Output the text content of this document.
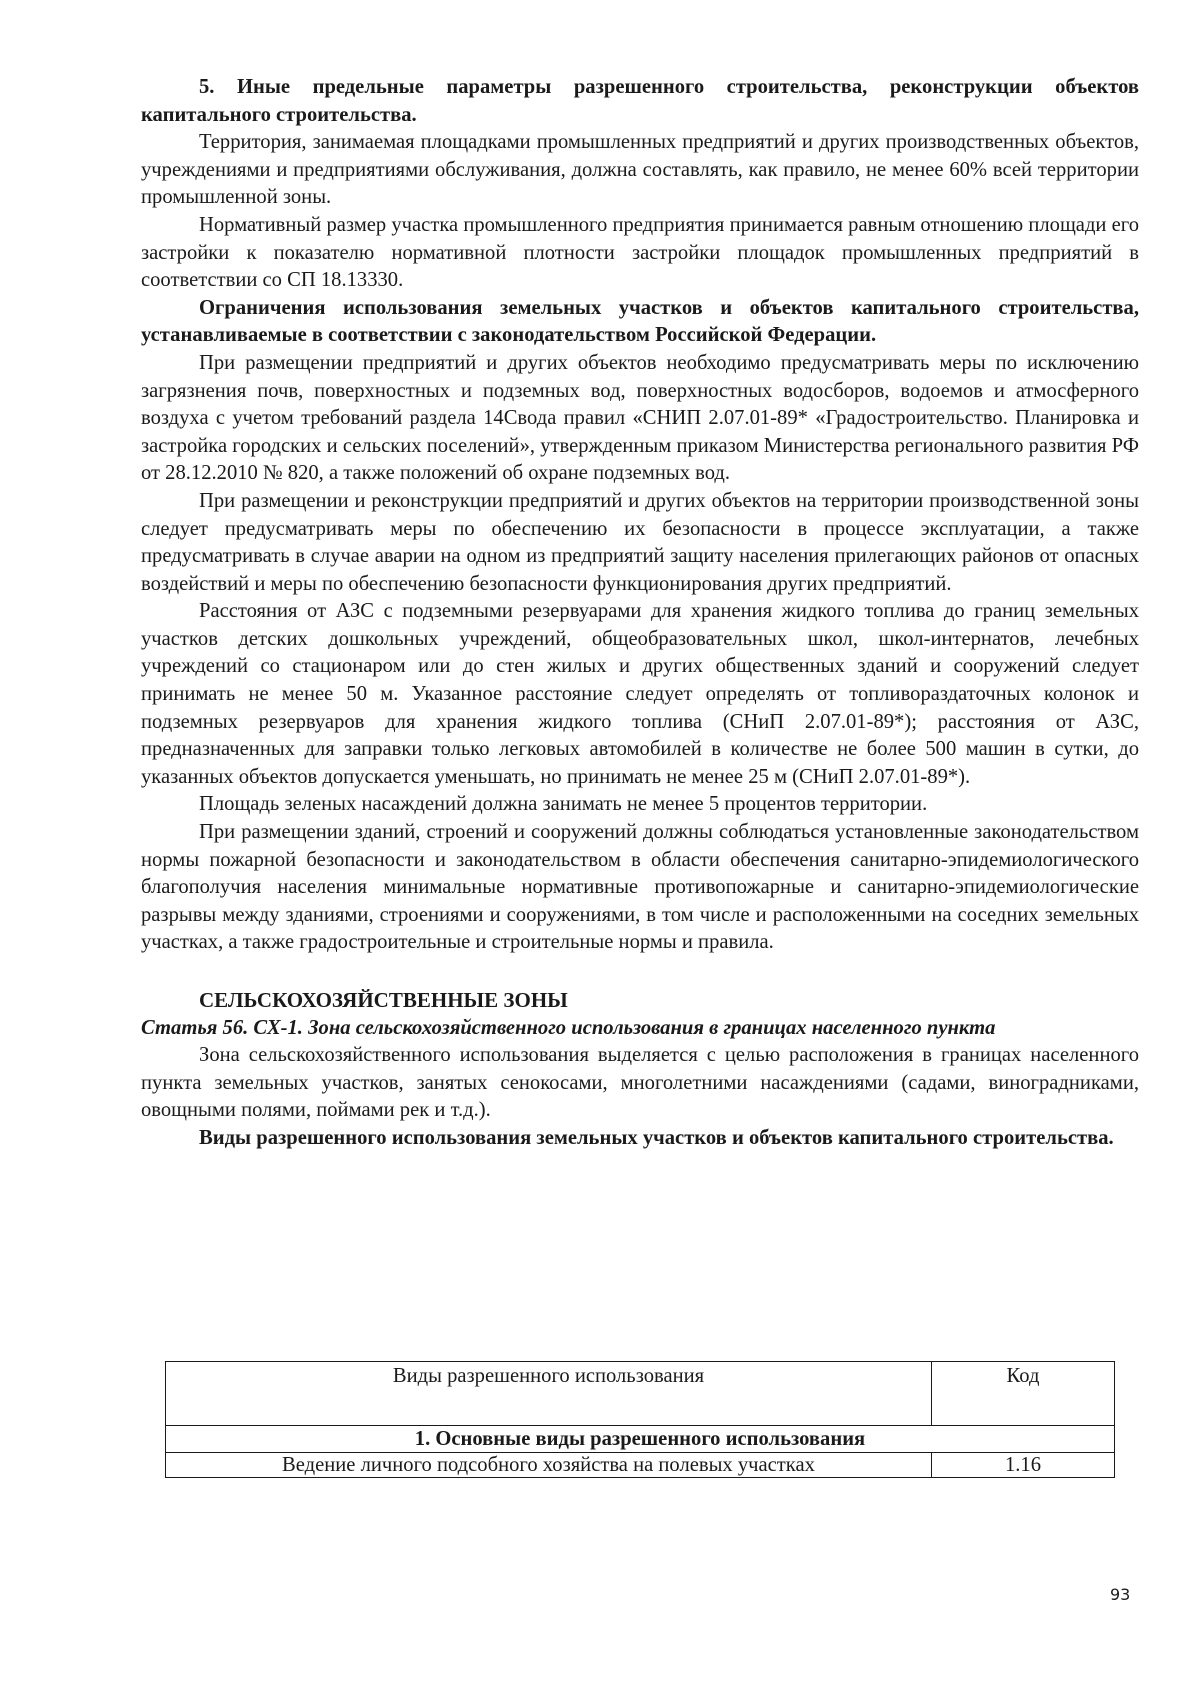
5. Иные предельные параметры разрешенного строительства, реконструкции объектов капитального строительства.

Территория, занимаемая площадками промышленных предприятий и других производственных объектов, учреждениями и предприятиями обслуживания, должна составлять, как правило, не менее 60% всей территории промышленной зоны.

Нормативный размер участка промышленного предприятия принимается равным отношению площади его застройки к показателю нормативной плотности застройки площадок промышленных предприятий в соответствии со СП 18.13330.

Ограничения использования земельных участков и объектов капитального строительства, устанавливаемые в соответствии с законодательством Российской Федерации.

При размещении предприятий и других объектов необходимо предусматривать меры по исключению загрязнения почв, поверхностных и подземных вод, поверхностных водосборов, водоемов и атмосферного воздуха с учетом требований раздела 14Свода правил «СНИП 2.07.01-89* «Градостроительство. Планировка и застройка городских и сельских поселений», утвержденным приказом Министерства регионального развития РФ от 28.12.2010 № 820, а также положений об охране подземных вод.

При размещении и реконструкции предприятий и других объектов на территории производственной зоны следует предусматривать меры по обеспечению их безопасности в процессе эксплуатации, а также предусматривать в случае аварии на одном из предприятий защиту населения прилегающих районов от опасных воздействий и меры по обеспечению безопасности функционирования других предприятий.

Расстояния от АЗС с подземными резервуарами для хранения жидкого топлива до границ земельных участков детских дошкольных учреждений, общеобразовательных школ, школ-интернатов, лечебных учреждений со стационаром или до стен жилых и других общественных зданий и сооружений следует принимать не менее 50 м. Указанное расстояние следует определять от топливораздаточных колонок и подземных резервуаров для хранения жидкого топлива (СНиП 2.07.01-89*); расстояния от АЗС, предназначенных для заправки только легковых автомобилей в количестве не более 500 машин в сутки, до указанных объектов допускается уменьшать, но принимать не менее 25 м (СНиП 2.07.01-89*).

Площадь зеленых насаждений должна занимать не менее 5 процентов территории.

При размещении зданий, строений и сооружений должны соблюдаться установленные законодательством нормы пожарной безопасности и законодательством в области обеспечения санитарно-эпидемиологического благополучия населения минимальные нормативные противопожарные и санитарно-эпидемиологические разрывы между зданиями, строениями и сооружениями, в том числе и расположенными на соседних земельных участках, а также градостроительные и строительные нормы и правила.

СЕЛЬСКОХОЗЯЙСТВЕННЫЕ ЗОНЫ

Статья 56. СХ-1. Зона сельскохозяйственного использования в границах населенного пункта

Зона сельскохозяйственного использования выделяется с целью расположения в границах населенного пункта земельных участков, занятых сенокосами, многолетними насаждениями (садами, виноградниками, овощными полями, поймами рек и т.д.).

Виды разрешенного использования земельных участков и объектов капитального строительства.

Виды разрешенного использования	Код
1. Основные виды разрешенного использования	
Ведение личного подсобного хозяйства на полевых участках	1.16
93
